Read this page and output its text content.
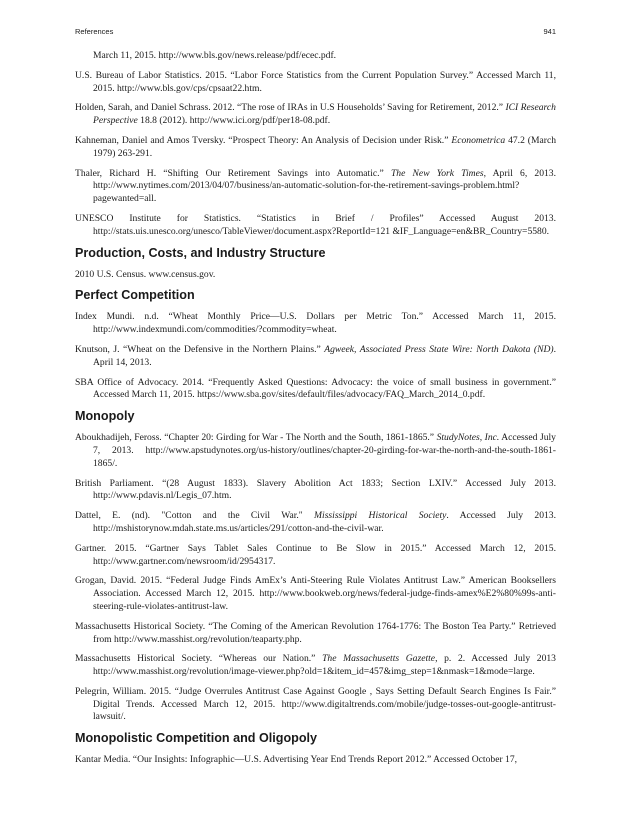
References	941

March 11, 2015. http://www.bls.gov/news.release/pdf/ecec.pdf.

U.S. Bureau of Labor Statistics. 2015. “Labor Force Statistics from the Current Population Survey.” Accessed March 11, 2015. http://www.bls.gov/cps/cpsaat22.htm.

Holden, Sarah, and Daniel Schrass. 2012. “The rose of IRAs in U.S Households’ Saving for Retirement, 2012.” ICI Research Perspective 18.8 (2012). http://www.ici.org/pdf/per18-08.pdf.

Kahneman, Daniel and Amos Tversky. “Prospect Theory: An Analysis of Decision under Risk.” Econometrica 47.2 (March 1979) 263-291.

Thaler, Richard H. “Shifting Our Retirement Savings into Automatic.” The New York Times, April 6, 2013. http://www.nytimes.com/2013/04/07/business/an-automatic-solution-for-the-retirement-savings-problem.html?pagewanted=all.

UNESCO Institute for Statistics. “Statistics in Brief / Profiles” Accessed August 2013. http://stats.uis.unesco.org/unesco/TableViewer/document.aspx?ReportId=121 &IF_Language=en&BR_Country=5580.

Production, Costs, and Industry Structure

2010 U.S. Census. www.census.gov.

Perfect Competition

Index Mundi. n.d. “Wheat Monthly Price—U.S. Dollars per Metric Ton.” Accessed March 11, 2015. http://www.indexmundi.com/commodities/?commodity=wheat.

Knutson, J. “Wheat on the Defensive in the Northern Plains.” Agweek, Associated Press State Wire: North Dakota (ND). April 14, 2013.

SBA Office of Advocacy. 2014. “Frequently Asked Questions: Advocacy: the voice of small business in government.” Accessed March 11, 2015. https://www.sba.gov/sites/default/files/advocacy/FAQ_March_2014_0.pdf.

Monopoly

Aboukhadijeh, Feross. “Chapter 20: Girding for War - The North and the South, 1861-1865.” StudyNotes, Inc. Accessed July 7, 2013. http://www.apstudynotes.org/us-history/outlines/chapter-20-girding-for-war-the-north-and-the-south-1861-1865/.

British Parliament. “(28 August 1833). Slavery Abolition Act 1833; Section LXIV.” Accessed July 2013. http://www.pdavis.nl/Legis_07.htm.

Dattel, E. (nd). "Cotton and the Civil War." Mississippi Historical Society. Accessed July 2013. http://mshistorynow.mdah.state.ms.us/articles/291/cotton-and-the-civil-war.

Gartner. 2015. “Gartner Says Tablet Sales Continue to Be Slow in 2015.” Accessed March 12, 2015. http://www.gartner.com/newsroom/id/2954317.

Grogan, David. 2015. “Federal Judge Finds AmEx’s Anti-Steering Rule Violates Antitrust Law.” American Booksellers Association. Accessed March 12, 2015. http://www.bookweb.org/news/federal-judge-finds-amex%E2%80%99s-anti-steering-rule-violates-antitrust-law.

Massachusetts Historical Society. “The Coming of the American Revolution 1764-1776: The Boston Tea Party.” Retrieved from http://www.masshist.org/revolution/teaparty.php.

Massachusetts Historical Society. “Whereas our Nation.” The Massachusetts Gazette, p. 2. Accessed July 2013 http://www.masshist.org/revolution/image-viewer.php?old=1&item_id=457&img_step=1&nmask=1&mode=large.

Pelegrin, William. 2015. “Judge Overrules Antitrust Case Against Google , Says Setting Default Search Engines Is Fair.” Digital Trends. Accessed March 12, 2015. http://www.digitaltrends.com/mobile/judge-tosses-out-google-antitrust-lawsuit/.

Monopolistic Competition and Oligopoly

Kantar Media. “Our Insights: Infographic—U.S. Advertising Year End Trends Report 2012.” Accessed October 17,
